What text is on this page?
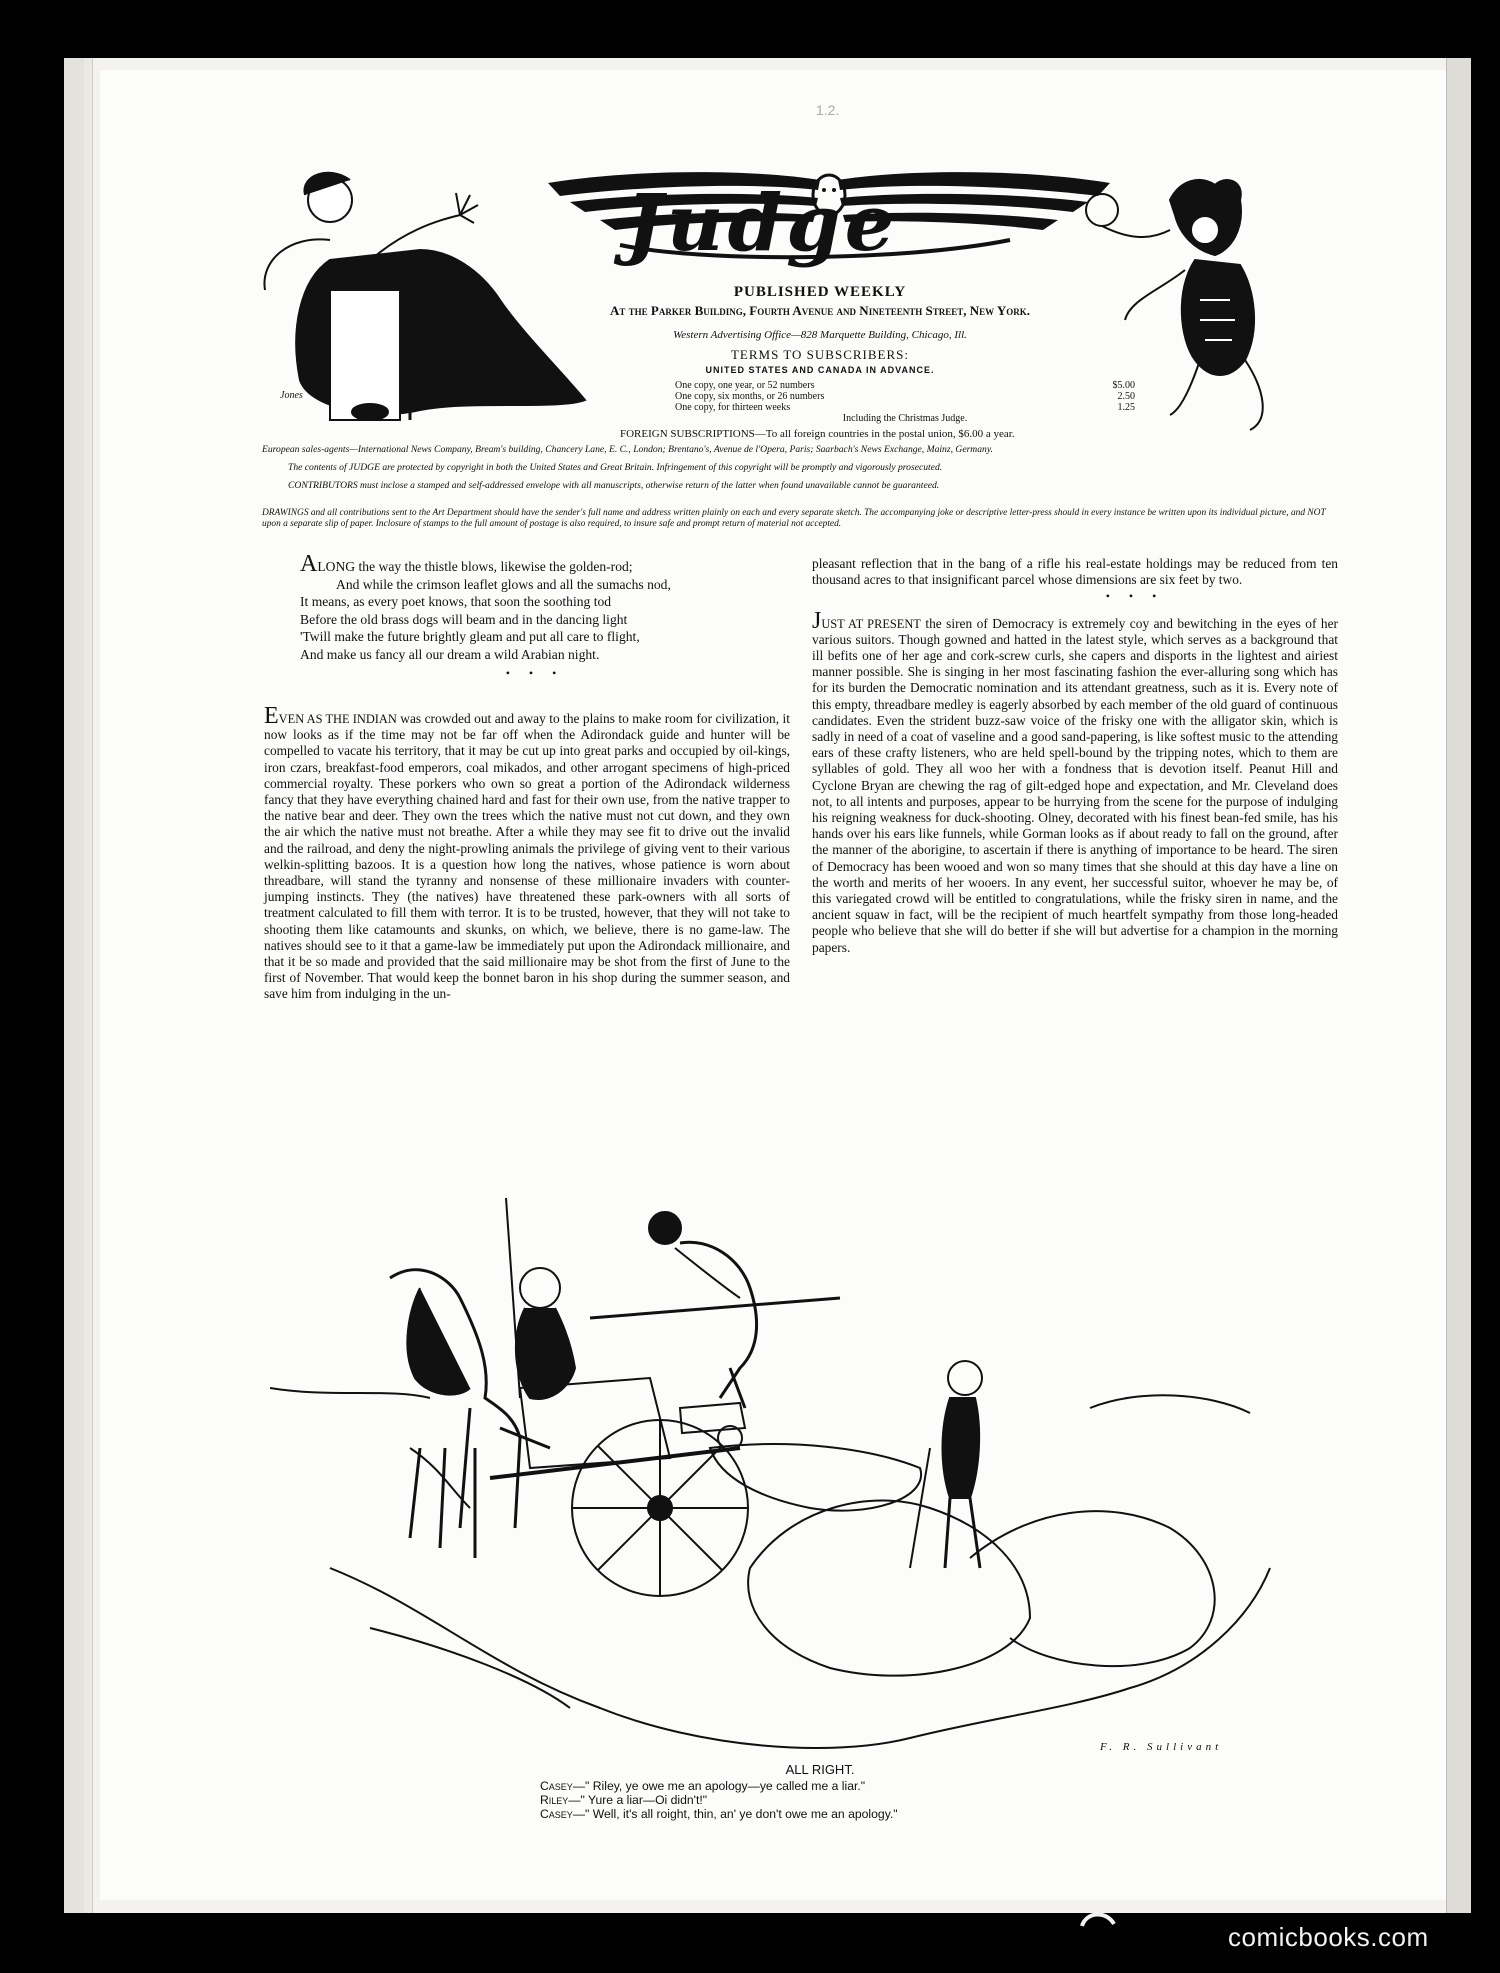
1.2.
Judge
Jones
PUBLISHED WEEKLY
At the Parker Building, Fourth Avenue and Nineteenth Street, New York.
Western Advertising Office—828 Marquette Building, Chicago, Ill.
TERMS TO SUBSCRIBERS:
UNITED STATES AND CANADA IN ADVANCE.
One copy, one year, or 52 numbers	$5.00
One copy, six months, or 26 numbers	2.50
One copy, for thirteen weeks	1.25
Including the Christmas Judge.
FOREIGN SUBSCRIPTIONS—To all foreign countries in the postal union, $6.00 a year.
European sales-agents—International News Company, Bream's building, Chancery Lane, E. C., London; Brentano's, Avenue de l'Opera, Paris; Saarbach's News Exchange, Mainz, Germany.
The contents of JUDGE are protected by copyright in both the United States and Great Britain. Infringement of this copyright will be promptly and vigorously prosecuted.
CONTRIBUTORS must inclose a stamped and self-addressed envelope with all manuscripts, otherwise return of the latter when found unavailable cannot be guaranteed.
DRAWINGS and all contributions sent to the Art Department should have the sender's full name and address written plainly on each and every separate sketch. The accompanying joke or descriptive letter-press should in every instance be written upon its individual picture, and NOT upon a separate slip of paper. Inclosure of stamps to the full amount of postage is also required, to insure safe and prompt return of material not accepted.
ALONG the way the thistle blows, likewise the golden-rod;
And while the crimson leaflet glows and all the sumachs nod,
It means, as every poet knows, that soon the soothing tod
Before the old brass dogs will beam and in the dancing light
'Twill make the future brightly gleam and put all care to flight,
And make us fancy all our dream a wild Arabian night.
• • •

EVEN AS THE INDIAN was crowded out and away to the plains to make room for civilization, it now looks as if the time may not be far off when the Adirondack guide and hunter will be compelled to vacate his territory, that it may be cut up into great parks and occupied by oil-kings, iron czars, breakfast-food emperors, coal mikados, and other arrogant specimens of high-priced commercial royalty. These porkers who own so great a portion of the Adirondack wilderness fancy that they have everything chained hard and fast for their own use, from the native trapper to the native bear and deer. They own the trees which the native must not cut down, and they own the air which the native must not breathe. After a while they may see fit to drive out the invalid and the railroad, and deny the night-prowling animals the privilege of giving vent to their various welkin-splitting bazoos. It is a question how long the natives, whose patience is worn about threadbare, will stand the tyranny and nonsense of these millionaire invaders with counter-jumping instincts. They (the natives) have threatened these park-owners with all sorts of treatment calculated to fill them with terror. It is to be trusted, however, that they will not take to shooting them like catamounts and skunks, on which, we believe, there is no game-law. The natives should see to it that a game-law be immediately put upon the Adirondack millionaire, and that it be so made and provided that the said millionaire may be shot from the first of June to the first of November. That would keep the bonnet baron in his shop during the summer season, and save him from indulging in the un-

pleasant reflection that in the bang of a rifle his real-estate holdings may be reduced from ten thousand acres to that insignificant parcel whose dimensions are six feet by two.

• • •

JUST AT PRESENT the siren of Democracy is extremely coy and bewitching in the eyes of her various suitors. Though gowned and hatted in the latest style, which serves as a background that ill befits one of her age and cork-screw curls, she capers and disports in the lightest and airiest manner possible. She is singing in her most fascinating fashion the ever-alluring song which has for its burden the Democratic nomination and its attendant greatness, such as it is. Every note of this empty, threadbare medley is eagerly absorbed by each member of the old guard of continuous candidates. Even the strident buzz-saw voice of the frisky one with the alligator skin, which is sadly in need of a coat of vaseline and a good sand-papering, is like softest music to the attending ears of these crafty listeners, who are held spell-bound by the tripping notes, which to them are syllables of gold. They all woo her with a fondness that is devotion itself. Peanut Hill and Cyclone Bryan are chewing the rag of gilt-edged hope and expectation, and Mr. Cleveland does not, to all intents and purposes, appear to be hurrying from the scene for the purpose of indulging his reigning weakness for duck-shooting. Olney, decorated with his finest bean-fed smile, has his hands over his ears like funnels, while Gorman looks as if about ready to fall on the ground, after the manner of the aborigine, to ascertain if there is anything of importance to be heard. The siren of Democracy has been wooed and won so many times that she should at this day have a line on the worth and merits of her wooers. In any event, her successful suitor, whoever he may be, of this variegated crowd will be entitled to congratulations, while the frisky siren in name, and the ancient squaw in fact, will be the recipient of much heartfelt sympathy from those long-headed people who believe that she will do better if she will but advertise for a champion in the morning papers.

F. R. Sullivant
ALL RIGHT.
Casey—" Riley, ye owe me an apology—ye called me a liar."
Riley—" Yure a liar—Oi didn't!"
Casey—" Well, it's all roight, thin, an' ye don't owe me an apology."
comicbooks.com
